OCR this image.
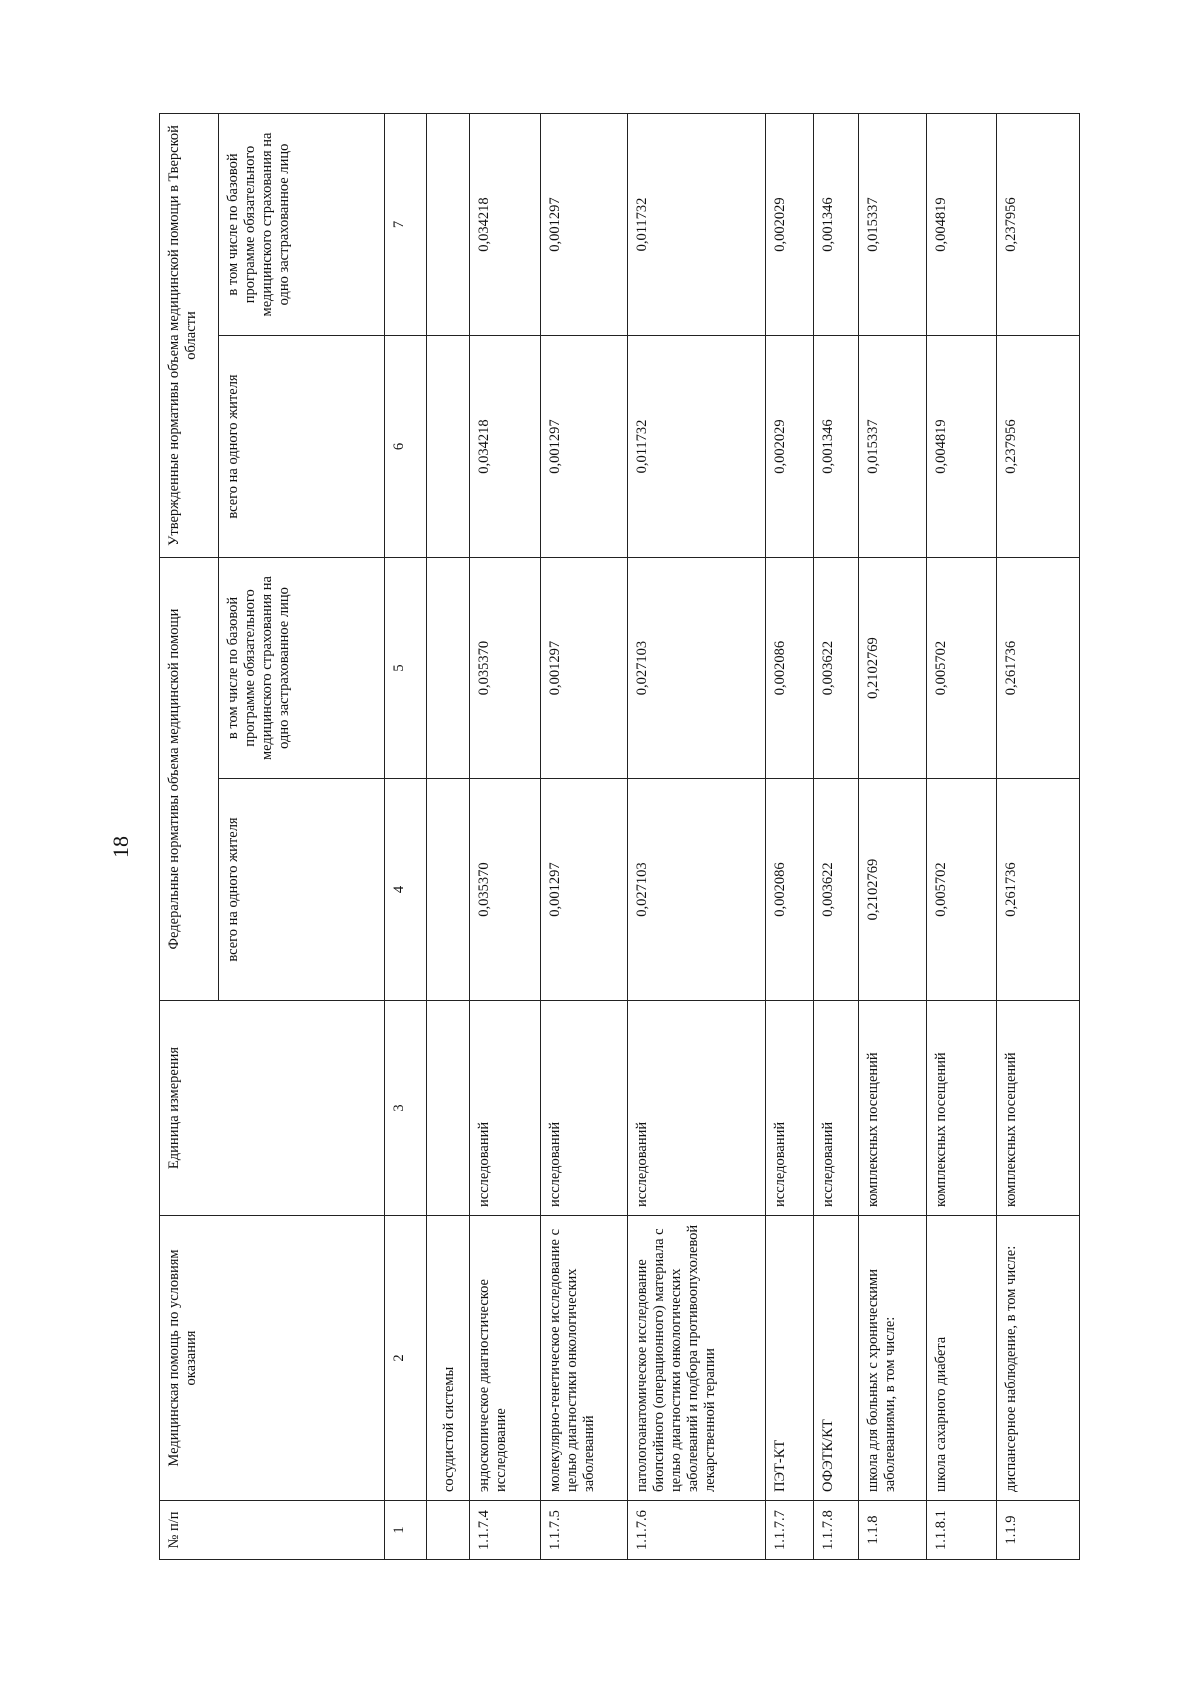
18
№ п/п	Медицинская помощь по условиям оказания	Единица измерения	Федеральные нормативы объема медицинской помощи		Утвержденные нормативы объема медицинской помощи в Тверской области	
			всего на одного жителя	в том числе по базовой программе обязательного медицинского страхования на одно застрахованное лицо	всего на одного жителя	в том числе по базовой программе обязательного медицинского страхования на одно застрахованное лицо
1	2	3	4	5	6	7
	сосудистой системы					
1.1.7.4	эндоскопическое диагностическое исследование	исследований	0,035370	0,035370	0,034218	0,034218
1.1.7.5	молекулярно-генетическое исследование с целью диагностики онкологических заболеваний	исследований	0,001297	0,001297	0,001297	0,001297
1.1.7.6	патологоанатомическое исследование биопсийного (операционного) материала с целью диагностики онкологических заболеваний и подбора противоопухолевой лекарственной терапии	исследований	0,027103	0,027103	0,011732	0,011732
1.1.7.7	ПЭТ-КТ	исследований	0,002086	0,002086	0,002029	0,002029
1.1.7.8	ОФЭТК/КТ	исследований	0,003622	0,003622	0,001346	0,001346
1.1.8	школа для больных с хроническими заболеваниями, в том числе:	комплексных посещений	0,2102769	0,2102769	0,015337	0,015337
1.1.8.1	школа сахарного диабета	комплексных посещений	0,005702	0,005702	0,004819	0,004819
1.1.9	диспансерное наблюдение, в том числе:	комплексных посещений	0,261736	0,261736	0,237956	0,237956
